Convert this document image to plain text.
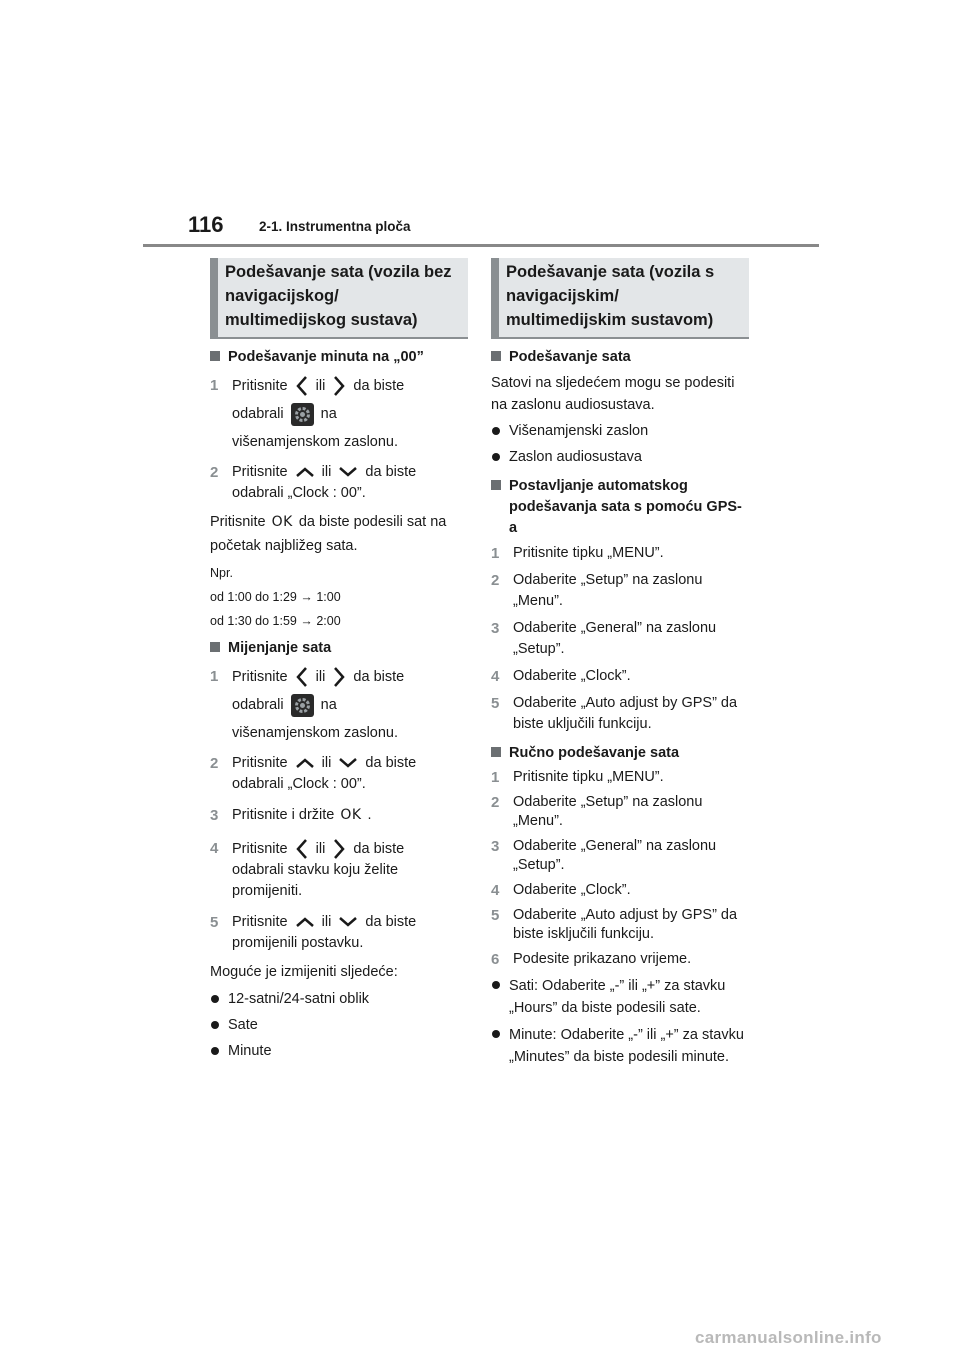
116	2-1. Instrumentna ploča
Podešavanje sata (vozila bez navigacijskog/ multimedijskog sustava)
Podešavanje minuta na „00”
1 Pritisnite ili da biste
odabrali	na
višenamjenskom zaslonu.
2 Pritisnite ili da biste
odabrali „Clock : 00”.
Pritisnite OK da biste podesili sat na početak najbližeg sata.
Npr.
od 1:00 do 1:29 → 1:00
od 1:30 do 1:59 → 2:00
Mijenjanje sata
1 Pritisnite ili da biste
odabrali	na
višenamjenskom zaslonu.
2 Pritisnite ili da biste
odabrali „Clock : 00”.
3 Pritisnite i držite OK .
4 Pritisnite ili da biste
odabrali stavku koju želite promijeniti.
5 Pritisnite ili da biste
promijenili postavku.
Moguće je izmijeniti sljedeće:
12-satni/24-satni oblik
Sate
Minute
Podešavanje sata (vozila s navigacijskim/ multimedijskim sustavom)
Podešavanje sata
Satovi na sljedećem mogu se podesiti na zaslonu audiosustava.
Višenamjenski zaslon
Zaslon audiosustava
Postavljanje automatskog podešavanja sata s pomoću GPS-a
1 Pritisnite tipku „MENU”.
2 Odaberite „Setup” na zaslonu „Menu”.
3 Odaberite „General” na zaslonu „Setup”.
4 Odaberite „Clock”.
5 Odaberite „Auto adjust by GPS” da biste uključili funkciju.
Ručno podešavanje sata
1 Pritisnite tipku „MENU”.
2 Odaberite „Setup” na zaslonu „Menu”.
3 Odaberite „General” na zaslonu „Setup”.
4 Odaberite „Clock”.
5 Odaberite „Auto adjust by GPS” da biste isključili funkciju.
6 Podesite prikazano vrijeme.
Sati: Odaberite „-” ili „+” za stavku „Hours” da biste podesili sate.
Minute: Odaberite „-” ili „+” za stavku „Minutes” da biste podesili minute.
carmanualsonline.info
